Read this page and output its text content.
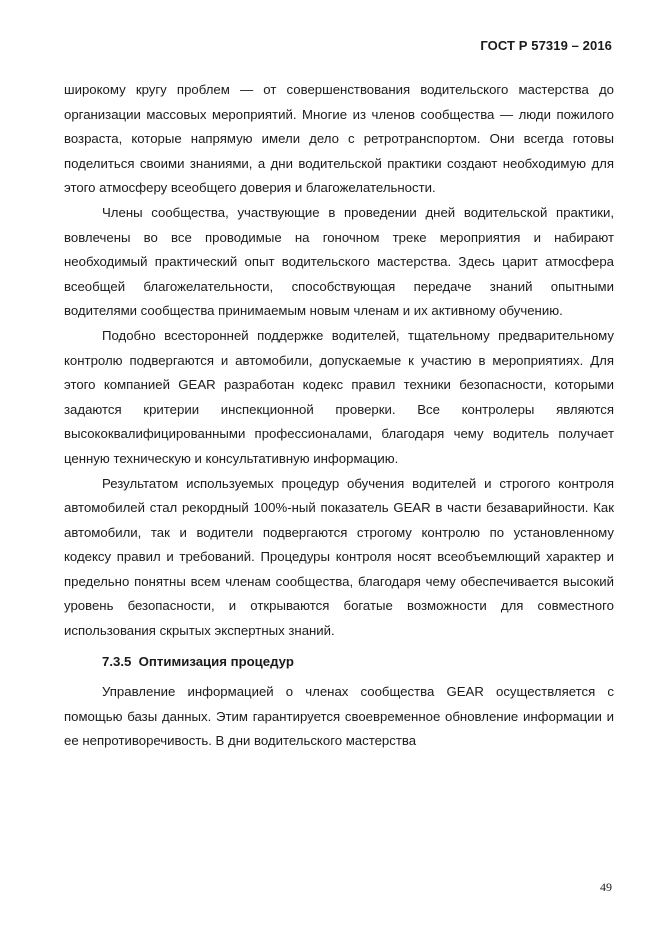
ГОСТ Р 57319 – 2016

широкому кругу проблем — от совершенствования водительского мастерства до организации массовых мероприятий. Многие из членов сообщества — люди пожилого возраста, которые напрямую имели дело с ретротранспортом. Они всегда готовы поделиться своими знаниями, а дни водительской практики создают необходимую для этого атмосферу всеобщего доверия и благожелательности.

Члены сообщества, участвующие в проведении дней водительской практики, вовлечены во все проводимые на гоночном треке мероприятия и набирают необходимый практический опыт водительского мастерства. Здесь царит атмосфера всеобщей благожелательности, способствующая передаче знаний опытными водителями сообщества принимаемым новым членам и их активному обучению.

Подобно всесторонней поддержке водителей, тщательному предварительному контролю подвергаются и автомобили, допускаемые к участию в мероприятиях. Для этого компанией GEAR разработан кодекс правил техники безопасности, которыми задаются критерии инспекционной проверки. Все контролеры являются высококвалифицированными профессионалами, благодаря чему водитель получает ценную техническую и консультативную информацию.

Результатом используемых процедур обучения водителей и строгого контроля автомобилей стал рекордный 100%-ный показатель GEAR в части безаварийности. Как автомобили, так и водители подвергаются строгому контролю по установленному кодексу правил и требований. Процедуры контроля носят всеобъемлющий характер и предельно понятны всем членам сообщества, благодаря чему обеспечивается высокий уровень безопасности, и открываются богатые возможности для совместного использования скрытых экспертных знаний.

7.3.5 Оптимизация процедур

Управление информацией о членах сообщества GEAR осуществляется с помощью базы данных. Этим гарантируется своевременное обновление информации и ее непротиворечивость. В дни водительского мастерства

49
